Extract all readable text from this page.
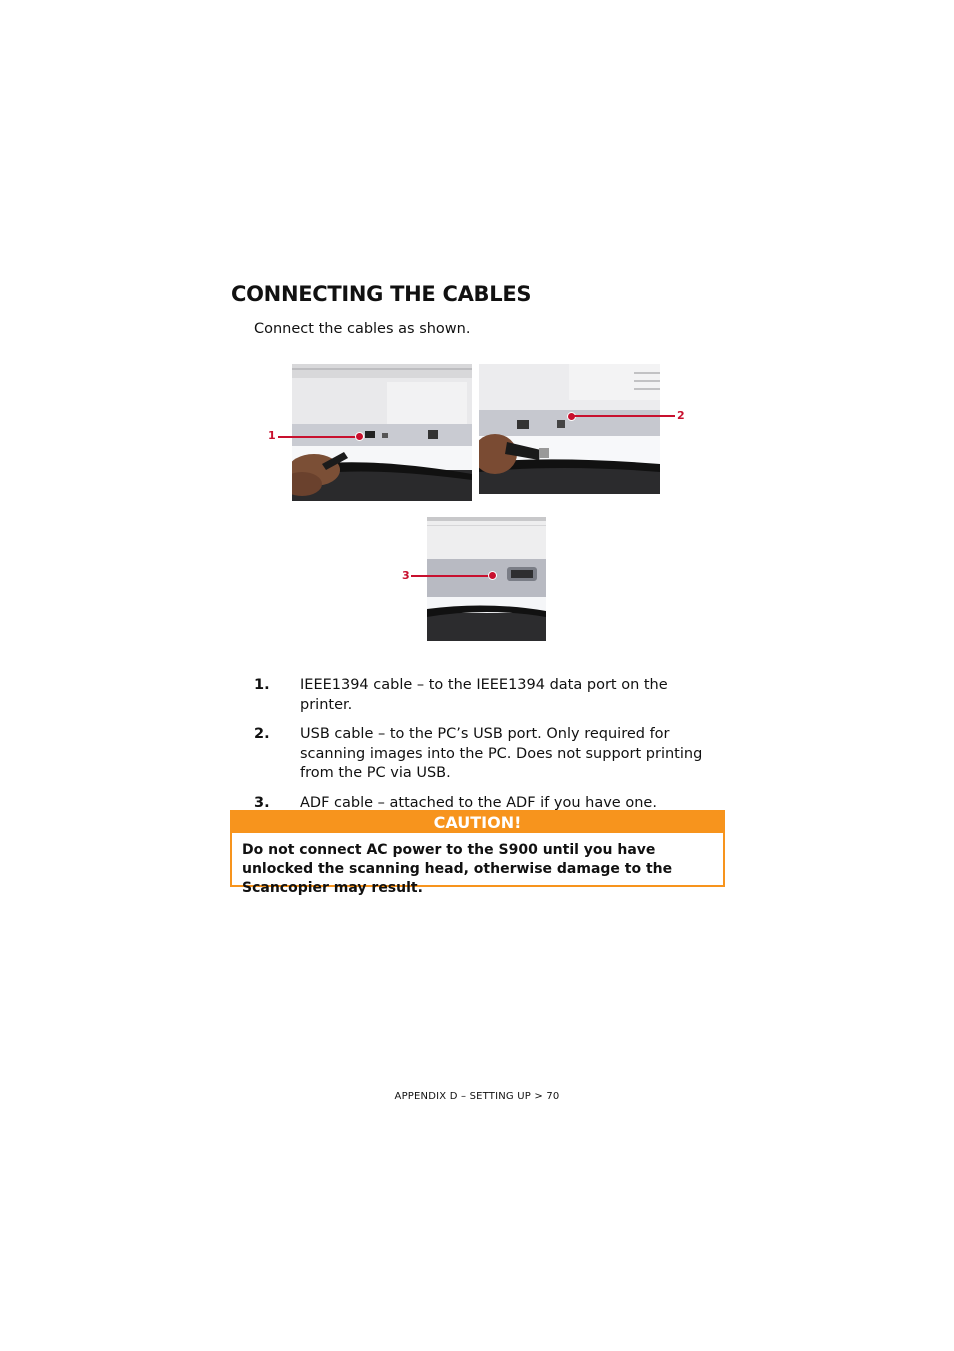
CONNECTING THE CABLES
Connect the cables as shown.
1
2
3
1. IEEE1394 cable – to the IEEE1394 data port on the printer.
2. USB cable – to the PC’s USB port. Only required for scanning images into the PC. Does not support printing from the PC via USB.
3. ADF cable – attached to the ADF if you have one.
CAUTION!
Do not connect AC power to the S900 until you have unlocked the scanning head, otherwise damage to the Scancopier may result.
APPENDIX D – SETTING UP > 70
